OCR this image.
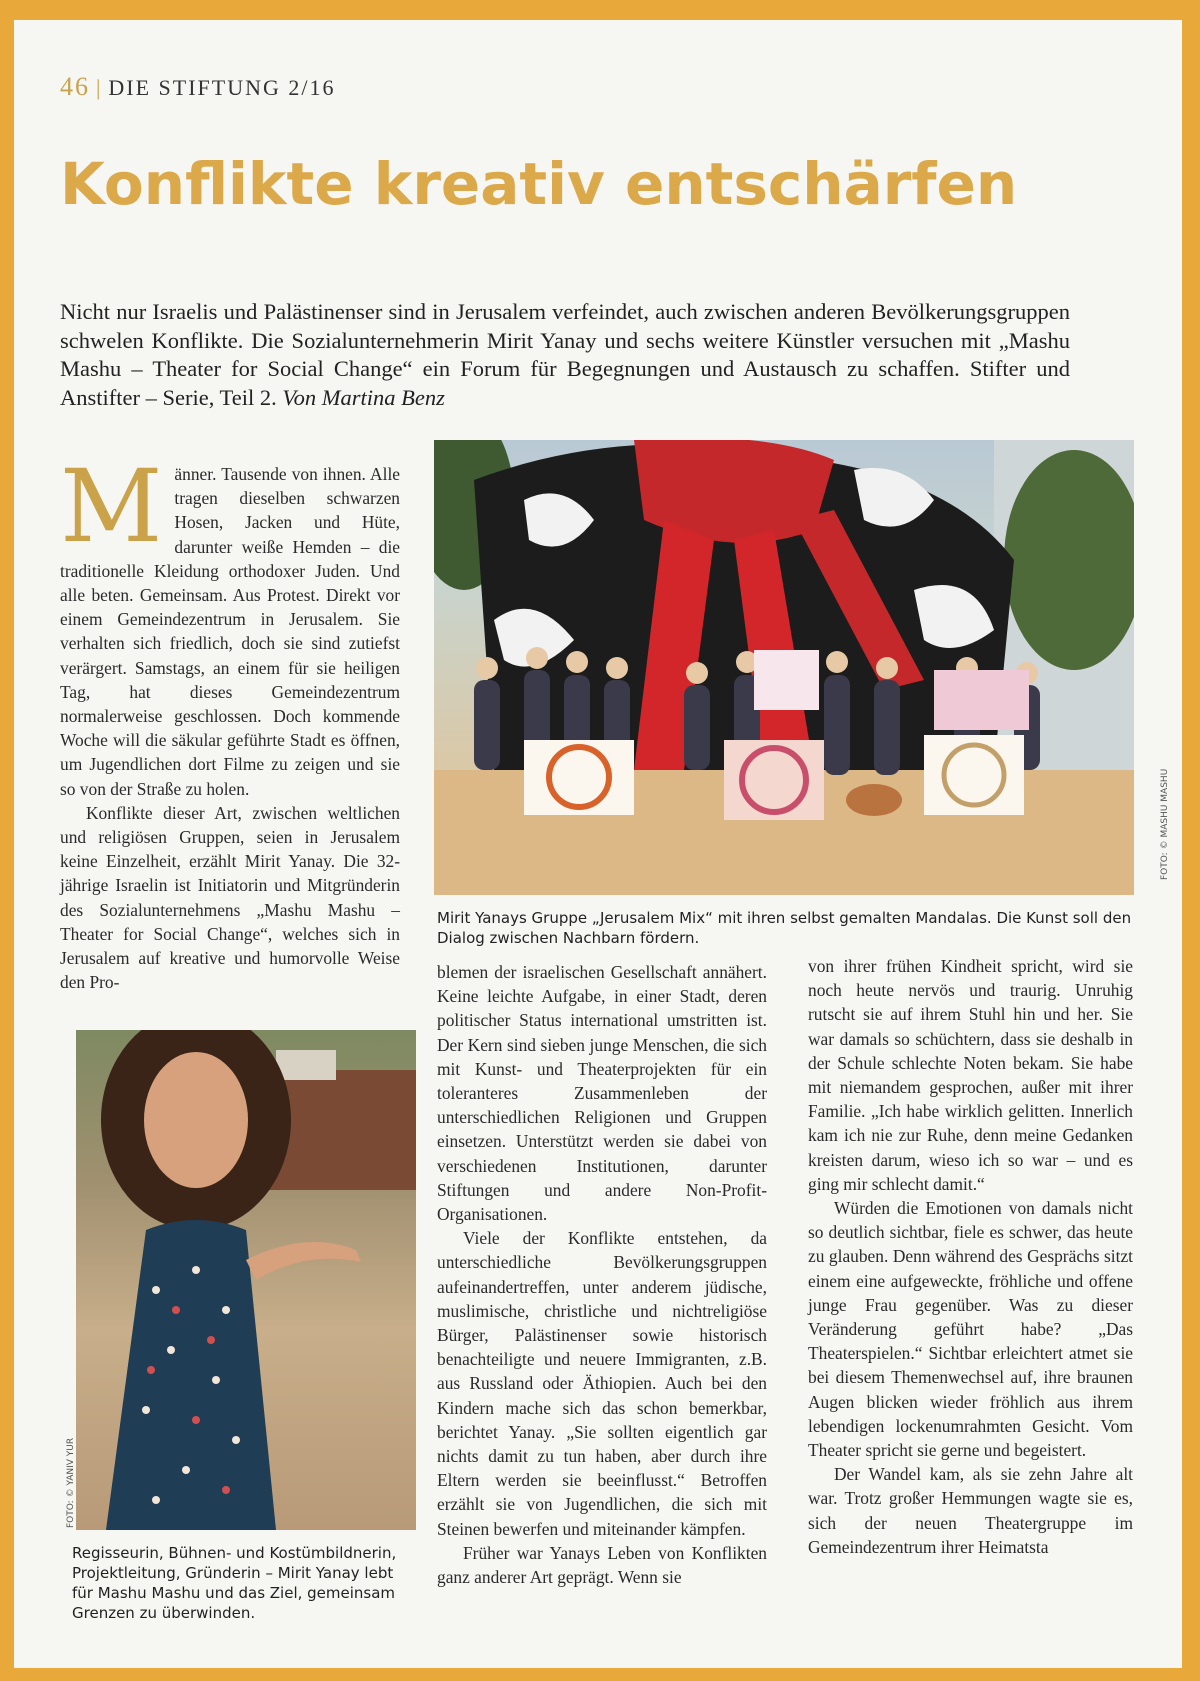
46 | DIE STIFTUNG 2/16
Konflikte kreativ entschärfen
Nicht nur Israelis und Palästinenser sind in Jerusalem verfeindet, auch zwischen anderen Bevölkerungsgruppen schwelen Konflikte. Die Sozialunternehmerin Mirit Yanay und sechs weitere Künstler versuchen mit „Mashu Mashu – Theater for Social Change“ ein Forum für Begegnungen und Austausch zu schaffen. Stifter und Anstifter – Serie, Teil 2. Von Martina Benz

Männer. Tausende von ihnen. Alle tragen dieselben schwarzen Hosen, Jacken und Hüte, darunter weiße Hemden – die traditionelle Kleidung orthodoxer Juden. Und alle beten. Gemeinsam. Aus Protest. Direkt vor einem Gemeindezentrum in Jerusalem. Sie verhalten sich friedlich, doch sie sind zutiefst verärgert. Samstags, an einem für sie heiligen Tag, hat dieses Gemeindezentrum normalerweise geschlossen. Doch kommende Woche will die säkular geführte Stadt es öffnen, um Jugendlichen dort Filme zu zeigen und sie so von der Straße zu holen.

Konflikte dieser Art, zwischen weltlichen und religiösen Gruppen, seien in Jerusalem keine Einzelheit, erzählt Mirit Yanay. Die 32-jährige Israelin ist Initiatorin und Mitgründerin des Sozialunternehmens „Mashu Mashu – Theater for Social Change“, welches sich in Jerusalem auf kreative und humorvolle Weise den Pro-

FOTO: © MASHU MASHU
Mirit Yanays Gruppe „Jerusalem Mix“ mit ihren selbst gemalten Mandalas. Die Kunst soll den Dialog zwischen Nachbarn fördern.
FOTO: © YANIV YUR
Regisseurin, Bühnen- und Kostümbildnerin, Projektleitung, Gründerin – Mirit Yanay lebt für Mashu Mashu und das Ziel, gemeinsam Grenzen zu überwinden.

blemen der israelischen Gesellschaft annähert. Keine leichte Aufgabe, in einer Stadt, deren politischer Status international umstritten ist. Der Kern sind sieben junge Menschen, die sich mit Kunst- und Theaterprojekten für ein toleranteres Zusammenleben der unterschiedlichen Religionen und Gruppen einsetzen. Unterstützt werden sie dabei von verschiedenen Institutionen, darunter Stiftungen und andere Non-Profit-Organisationen.

Viele der Konflikte entstehen, da unterschiedliche Bevölkerungsgruppen aufeinandertreffen, unter anderem jüdische, muslimische, christliche und nichtreligiöse Bürger, Palästinenser sowie historisch benachteiligte und neuere Immigranten, z.B. aus Russland oder Äthiopien. Auch bei den Kindern mache sich das schon bemerkbar, berichtet Yanay. „Sie sollten eigentlich gar nichts damit zu tun haben, aber durch ihre Eltern werden sie beeinflusst.“ Betroffen erzählt sie von Jugendlichen, die sich mit Steinen bewerfen und miteinander kämpfen.

Früher war Yanays Leben von Konflikten ganz anderer Art geprägt. Wenn sie

von ihrer frühen Kindheit spricht, wird sie noch heute nervös und traurig. Unruhig rutscht sie auf ihrem Stuhl hin und her. Sie war damals so schüchtern, dass sie deshalb in der Schule schlechte Noten bekam. Sie habe mit niemandem gesprochen, außer mit ihrer Familie. „Ich habe wirklich gelitten. Innerlich kam ich nie zur Ruhe, denn meine Gedanken kreisten darum, wieso ich so war – und es ging mir schlecht damit.“

Würden die Emotionen von damals nicht so deutlich sichtbar, fiele es schwer, das heute zu glauben. Denn während des Gesprächs sitzt einem eine aufgeweckte, fröhliche und offene junge Frau gegenüber. Was zu dieser Veränderung geführt habe? „Das Theaterspielen.“ Sichtbar erleichtert atmet sie bei diesem Themenwechsel auf, ihre braunen Augen blicken wieder fröhlich aus ihrem lebendigen lockenumrahmten Gesicht. Vom Theater spricht sie gerne und begeistert.

Der Wandel kam, als sie zehn Jahre alt war. Trotz großer Hemmungen wagte sie es, sich der neuen Theatergruppe im Gemeindezentrum ihrer Heimatsta
